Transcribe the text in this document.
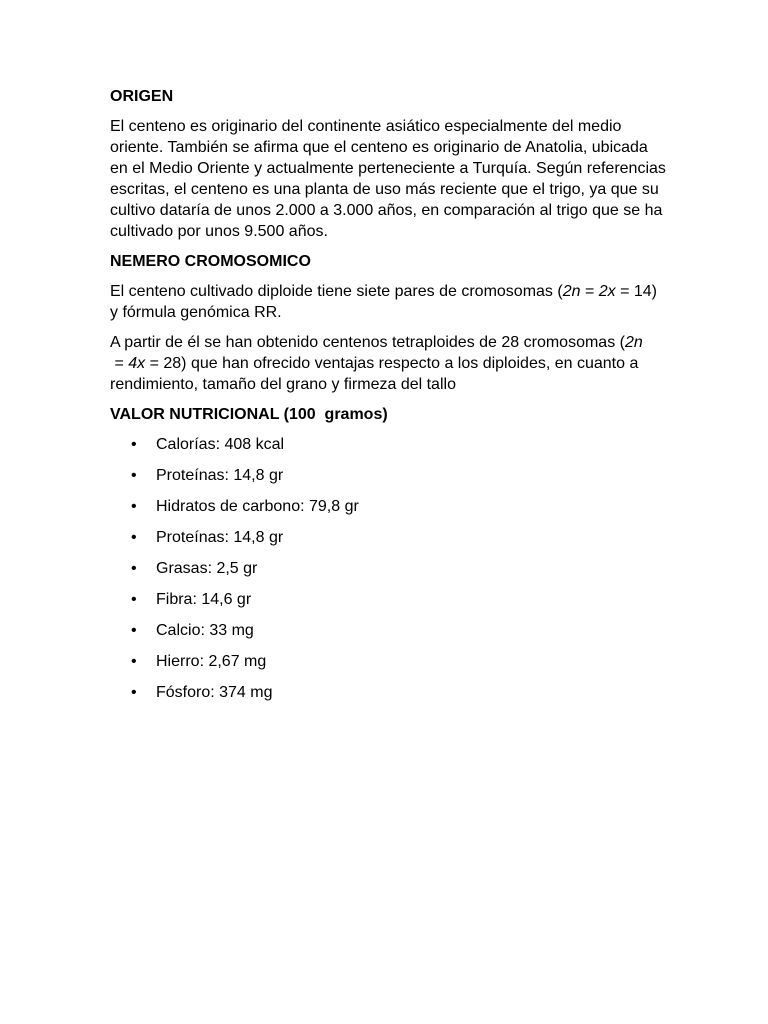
ORIGEN

El centeno es originario del continente asiático especialmente del medio oriente. También se afirma que el centeno es originario de Anatolia, ubicada en el Medio Oriente y actualmente perteneciente a Turquía. Según referencias escritas, el centeno es una planta de uso más reciente que el trigo, ya que su cultivo dataría de unos 2.000 a 3.000 años, en comparación al trigo que se ha cultivado por unos 9.500 años.

NEMERO CROMOSOMICO

El centeno cultivado diploide tiene siete pares de cromosomas (2n = 2x = 14) y fórmula genómica RR.

A partir de él se han obtenido centenos tetraploides de 28 cromosomas (2n = 4x = 28) que han ofrecido ventajas respecto a los diploides, en cuanto a rendimiento, tamaño del grano y firmeza del tallo

VALOR NUTRICIONAL (100  gramos)
• Calorías: 408 kcal
• Proteínas: 14,8 gr
• Hidratos de carbono: 79,8 gr
• Proteínas: 14,8 gr
• Grasas: 2,5 gr
• Fibra: 14,6 gr
• Calcio: 33 mg
• Hierro: 2,67 mg
• Fósforo: 374 mg
